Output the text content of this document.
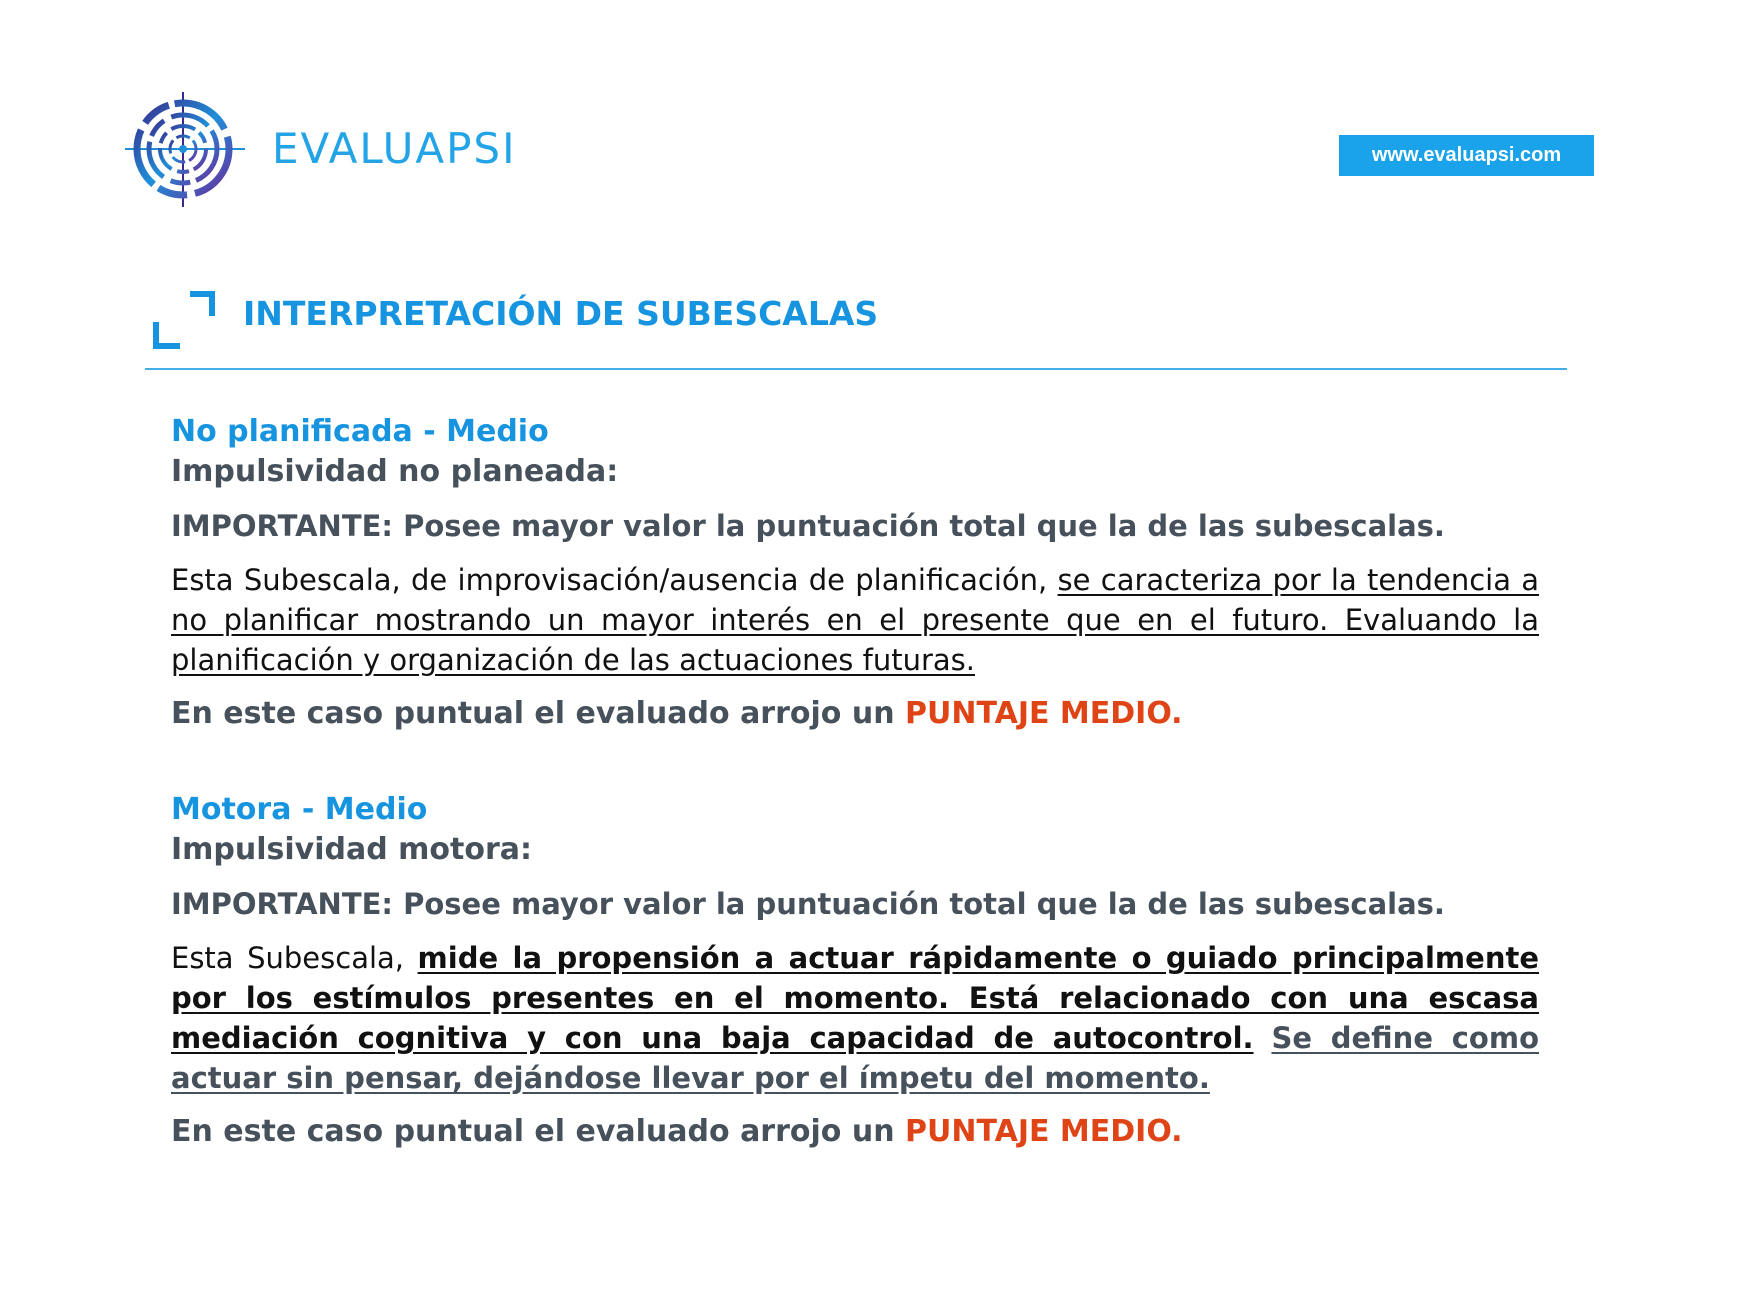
EVALUAPSI	www.evaluapsi.com
INTERPRETACIÓN DE SUBESCALAS

No planificada - Medio

Impulsividad no planeada:

IMPORTANTE: Posee mayor valor la puntuación total que la de las subescalas.

Esta Subescala, de improvisación/ausencia de planificación, se caracteriza por la tendencia a no planificar mostrando un mayor interés en el presente que en el futuro. Evaluando la planificación y organización de las actuaciones futuras.

En este caso puntual el evaluado arrojo un PUNTAJE MEDIO.

Motora - Medio

Impulsividad motora:

IMPORTANTE: Posee mayor valor la puntuación total que la de las subescalas.

Esta Subescala, mide la propensión a actuar rápidamente o guiado principalmente por los estímulos presentes en el momento. Está relacionado con una escasa mediación cognitiva y con una baja capacidad de autocontrol. Se define como actuar sin pensar, dejándose llevar por el ímpetu del momento.

En este caso puntual el evaluado arrojo un PUNTAJE MEDIO.
